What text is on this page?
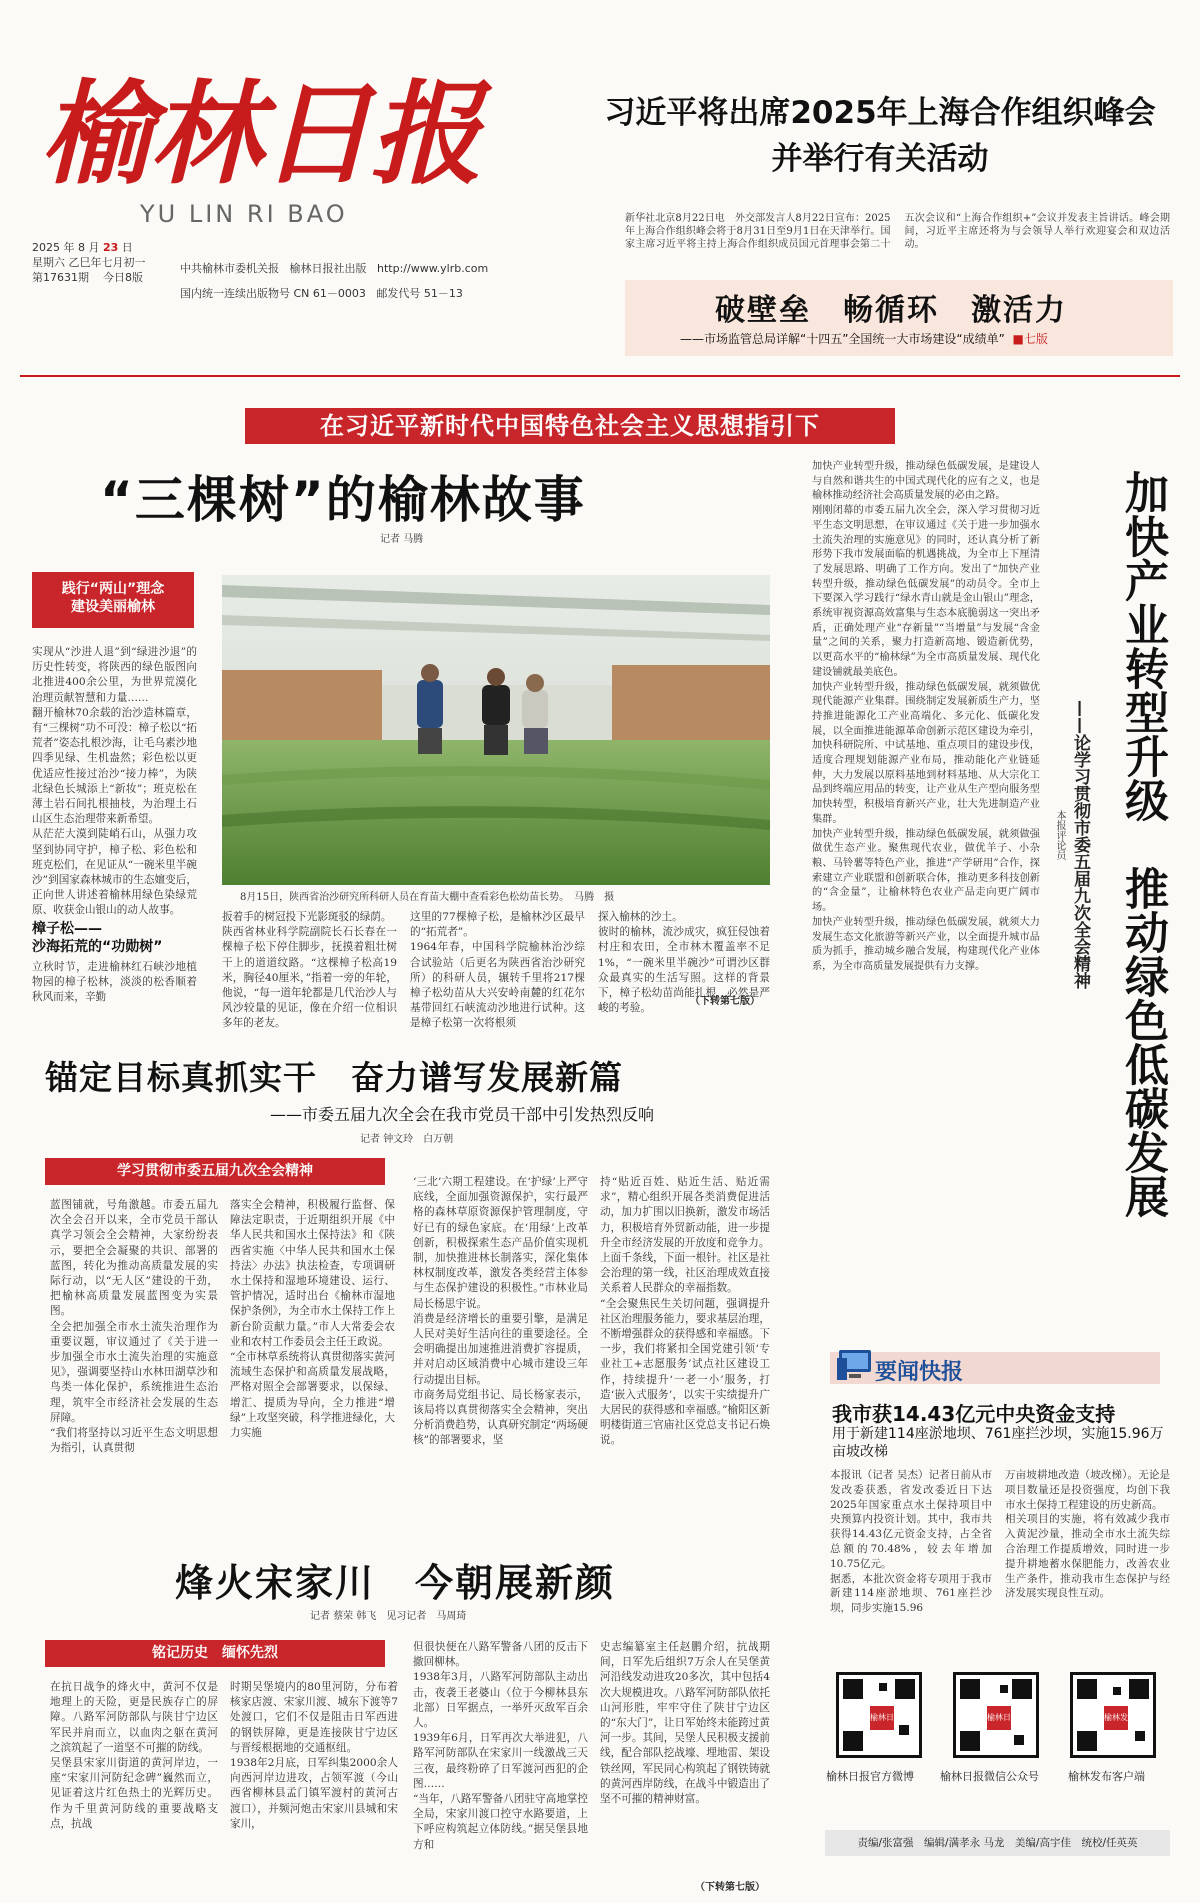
榆林日报
YU LIN RI BAO
2025 年 8 月 23 日
星期六 乙巳年七月初一
第17631期 今日8版
中共榆林市委机关报 榆林日报社出版 http://www.ylrb.com
国内统一连续出版物号 CN 61－0003 邮发代号 51－13
习近平将出席2025年上海合作组织峰会
并举行有关活动
新华社北京8月22日电　外交部发言人8月22日宣布：2025年上海合作组织峰会将于8月31日至9月1日在天津举行。国家主席习近平将主持上海合作组织成员国元首理事会第二十五次会议和“上海合作组织+”会议并发表主旨讲话。峰会期间，习近平主席还将为与会领导人举行欢迎宴会和双边活动。
破壁垒　畅循环　激活力
——市场监管总局详解“十四五”全国统一大市场建设“成绩单” ■七版
在习近平新时代中国特色社会主义思想指引下
“三棵树”的榆林故事
记者 马腾
践行“两山”理念
建设美丽榆林
8月15日，陕西省治沙研究所科研人员在育苗大棚中查看彩色松幼苗长势。　马腾　摄
实现从“沙进人退”到“绿进沙退”的历史性转变，将陕西的绿色版图向北推进400余公里，为世界荒漠化治理贡献智慧和力量……
翻开榆林70余载的治沙造林篇章，有“三棵树”功不可没：樟子松以“拓荒者”姿态扎根沙海，让毛乌素沙地四季见绿、生机盎然；彩色松以更优适应性接过治沙“接力棒”，为陕北绿色长城添上“新妆”；班克松在薄土岩石间扎根抽枝，为治理土石山区生态治理带来新希望。
从茫茫大漠到陡峭石山，从强力攻坚到协同守护，樟子松、彩色松和班克松们，在见证从“一碗米里半碗沙”到国家森林城市的生态嬗变后，正向世人讲述着榆林用绿色染绿荒原、收获金山银山的动人故事。
樟子松——
沙海拓荒的“功勋树”
立秋时节，走进榆林红石峡沙地植物园的樟子松林，淡淡的松香顺着秋风而来，辛勤
扳着手的树冠投下光影斑驳的绿荫。
陕西省林业科学院副院长石长春在一棵樟子松下停住脚步，抚摸着粗壮树干上的道道纹路。“这棵樟子松高19米，胸径40厘米，”指着一旁的年轮，他说，“每一道年轮都是几代治沙人与风沙较量的见证，像在介绍一位相识多年的老友。
这里的77棵樟子松，是榆林沙区最早的“拓荒者”。
1964年春，中国科学院榆林治沙综合试验站（后更名为陕西省治沙研究所）的科研人员，辗转千里将217棵樟子松幼苗从大兴安岭南麓的红花尔基带回红石峡流动沙地进行试种。这是樟子松第一次将根须
探入榆林的沙土。
彼时的榆林，流沙成灾，疯狂侵蚀着村庄和农田，全市林木覆盖率不足1%，“一碗米里半碗沙”可谓沙区群众最真实的生活写照。这样的背景下，樟子松幼苗尚能扎根，必然是严峻的考验。
（下转第七版）
加快产业转型升级，推动绿色低碳发展，是建设人与自然和谐共生的中国式现代化的应有之义，也是榆林推动经济社会高质量发展的必由之路。
刚刚闭幕的市委五届九次全会，深入学习贯彻习近平生态文明思想，在审议通过《关于进一步加强水土流失治理的实施意见》的同时，还认真分析了新形势下我市发展面临的机遇挑战，为全市上下厘清了发展思路、明确了工作方向。发出了“加快产业转型升级，推动绿色低碳发展”的动员令。全市上下要深入学习践行“绿水青山就是金山银山”理念，系统审视资源高效富集与生态本底脆弱这一突出矛盾，正确处理产业“存新量”“当增量”与发展“含金量”之间的关系，聚力打造新高地、锻造新优势，以更高水平的“榆林绿”为全市高质量发展、现代化建设铺就最美底色。
加快产业转型升级，推动绿色低碳发展，就须做优现代能源产业集群。围绕制定发展新质生产力，坚持推进能源化工产业高端化、多元化、低碳化发展，以全面推进能源革命创新示范区建设为牵引，加快科研院所、中试基地、重点项目的建设步伐，适度合理规划能源产业布局，推动能化产业链延伸，大力发展以原料基地到材料基地、从大宗化工品到终端应用品的转变，让产业从生产型向服务型加快转型，积极培育新兴产业，壮大先进制造产业集群。
加快产业转型升级，推动绿色低碳发展，就须做强做优生态产业。聚焦现代农业，做优羊子、小杂粮、马铃薯等特色产业，推进“产学研用”合作，探索建立产业联盟和创新联合体，推动更多科技创新的“含金量”，让榆林特色农业产品走向更广阔市场。
加快产业转型升级，推动绿色低碳发展，就须大力发展生态文化旅游等新兴产业，以全面提升城市品质为抓手，推动城乡融合发展，构建现代化产业体系，为全市高质量发展提供有力支撑。	加快产业转型升级　推动绿色低碳发展
——论学习贯彻市委五届九次全会精神
本报评论员
锚定目标真抓实干　奋力谱写发展新篇
——市委五届九次全会在我市党员干部中引发热烈反响
记者 钟文玲　白万朝
学习贯彻市委五届九次全会精神
蓝图铺就，号角激越。市委五届九次全会召开以来，全市党员干部认真学习领会全会精神，大家纷纷表示，要把全会凝聚的共识、部署的蓝图，转化为推动高质量发展的实际行动，以“无人区”建设的干劲，把榆林高质量发展蓝图变为实景图。
全会把加强全市水土流失治理作为重要议题，审议通过了《关于进一步加强全市水土流失治理的实施意见》，强调要坚持山水林田湖草沙和鸟类一体化保护，系统推进生态治理，筑牢全市经济社会发展的生态屏障。
“我们将坚持以习近平生态文明思想为指引，认真贯彻
落实全会精神，积极履行监督、保障法定职责，于近期组织开展《中华人民共和国水土保持法》和《陕西省实施〈中华人民共和国水土保持法〉办法》执法检查，专项调研水土保持和湿地环境建设、运行、管护情况，适时出台《榆林市湿地保护条例》，为全市水土保持工作上新台阶贡献力量。”市人大常委会农业和农村工作委员会主任王政说。
“全市林草系统将认真贯彻落实黄河流域生态保护和高质量发展战略，严格对照全会部署要求，以保绿、增汇、提质为导向，全力推进“增绿”上攻坚突破，科学推进绿化，大力实施
‘三北’六期工程建设。在‘护绿’上严守底线，全面加强资源保护，实行最严格的森林草原资源保护管理制度，守好已有的绿色家底。在‘用绿’上改革创新，积极探索生态产品价值实现机制，加快推进林长制落实，深化集体林权制度改革，激发各类经营主体参与生态保护建设的积极性。”市林业局局长杨思宇说。
消费是经济增长的重要引擎，是满足人民对美好生活向往的重要途径。全会明确提出加速推进消费扩容提质，并对启动区域消费中心城市建设三年行动提出目标。
市商务局党组书记、局长杨家表示，该局将以真贯彻落实全会精神，突出分析消费趋势，认真研究制定“两场硬核”的部署要求，坚
持“贴近百姓、贴近生活、贴近需求”，精心组织开展各类消费促进活动，加力扩围以旧换新，激发市场活力，积极培育外贸新动能，进一步提升全市经济发展的开放度和竞争力。
上面千条线，下面一根针。社区是社会治理的第一线，社区治理成效直接关系着人民群众的幸福指数。
“全会聚焦民生关切问题，强调提升社区治理服务能力，要求基层治理，不断增强群众的获得感和幸福感。下一步，我们将紧扣全国党建引领‘专业社工+志愿服务’试点社区建设工作，持续提升‘一老一小’服务，打造‘嵌入式服务’，以实干实绩提升广大居民的获得感和幸福感。”榆阳区新明楼街道三官庙社区党总支书记石焕说。
要闻快报
我市获14.43亿元中央资金支持
用于新建114座淤地坝、761座拦沙坝，实施15.96万亩坡改梯
本报讯（记者 吴杰）记者日前从市发改委获悉，省发改委近日下达2025年国家重点水土保持项目中央预算内投资计划。其中，我市共获得14.43亿元资金支持，占全省总额的70.48%，较去年增加10.75亿元。
据悉，本批次资金将专项用于我市新建114座淤地坝、761座拦沙坝，同步实施15.96
万亩坡耕地改造（坡改梯）。无论是项目数量还是投资强度，均创下我市水土保持工程建设的历史新高。
相关项目的实施，将有效减少我市入黄泥沙量，推动全市水土流失综合治理工作提质增效，同时进一步提升耕地蓄水保肥能力，改善农业生产条件，推动我市生态保护与经济发展实现良性互动。
烽火宋家川　今朝展新颜
记者 蔡荣 韩飞　见习记者　马周琦
铭记历史　缅怀先烈
在抗日战争的烽火中，黄河不仅是地理上的天险，更是民族存亡的屏障。八路军河防部队与陕甘宁边区军民并肩而立，以血肉之躯在黄河之滨筑起了一道坚不可摧的防线。
吴堡县宋家川街道的黄河岸边，一座“宋家川河防纪念碑”巍然而立，见证着这片红色热土的光辉历史。作为千里黄河防线的重要战略支点，抗战
时期吴堡境内的80里河防，分布着核家店渡、宋家川渡、城东下渡等7处渡口，它们不仅是阻击日军西进的钢铁屏障，更是连接陕甘宁边区与晋绥根据地的交通枢纽。
1938年2月底，日军纠集2000余人向西河岸边进攻，占领军渡（今山西省柳林县孟门镇军渡村的黄河古渡口），并频河炮击宋家川县城和宋家川，
但很快便在八路军警备八团的反击下撤回柳林。
1938年3月，八路军河防部队主动出击，夜袭王老婆山（位于今柳林县东北部）日军据点，一举歼灭敌军百余人。
1939年6月，日军再次大举进犯，八路军河防部队在宋家川一线激战三天三夜，最终粉碎了日军渡河西犯的企图……
“当年，八路军警备八团驻守高地掌控全局，宋家川渡口控守水路要道，上下呼应构筑起立体防线。”据吴堡县地方和
史志编纂室主任赵鹏介绍，抗战期间，日军先后组织7万余人在吴堡黄河沿线发动进攻20多次，其中包括4次大规模进攻。八路军河防部队依托山河形胜，牢牢守住了陕甘宁边区的“东大门”，让日军始终未能跨过黄河一步。其间，吴堡人民积极支援前线，配合部队挖战壕、埋地雷、架设铁丝网，军民同心构筑起了钢铁铸就的黄河西岸防线，在战斗中锻造出了坚不可摧的精神财富。
（下转第七版）
榆林日报
榆林日报官方微博
榆林日报
榆林日报微信公众号
榆林发布
榆林发布客户端
责编/张富强　编辑/满孝永 马龙　美编/高宇佳　统校/任英英
